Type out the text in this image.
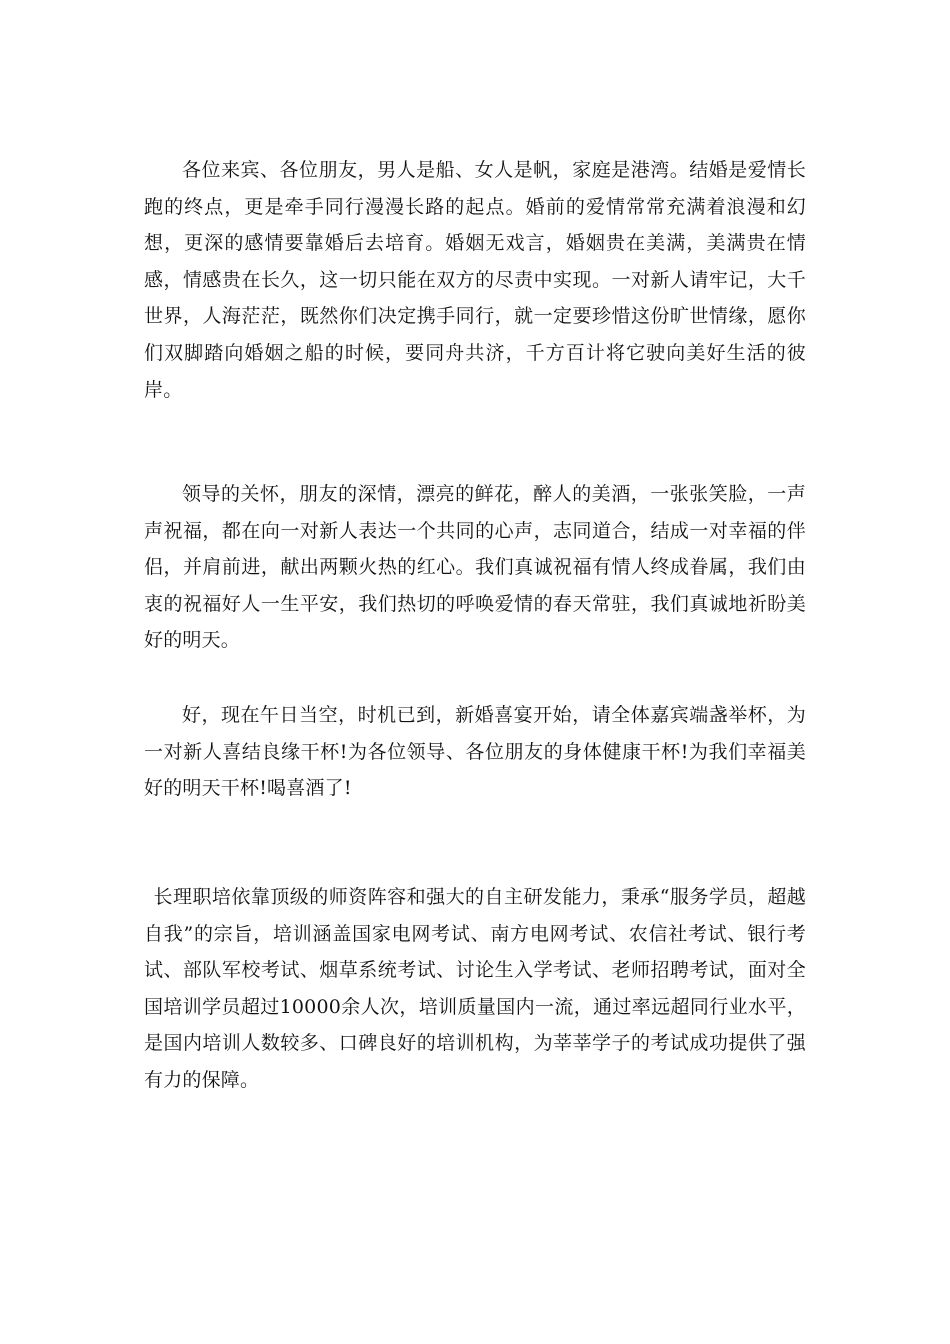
各位来宾、各位朋友，男人是船、女人是帆，家庭是港湾。结婚是爱情长跑的终点，更是牵手同行漫漫长路的起点。婚前的爱情常常充满着浪漫和幻想，更深的感情要靠婚后去培育。婚姻无戏言，婚姻贵在美满，美满贵在情感，情感贵在长久，这一切只能在双方的尽责中实现。一对新人请牢记，大千世界，人海茫茫，既然你们决定携手同行，就一定要珍惜这份旷世情缘，愿你们双脚踏向婚姻之船的时候，要同舟共济，千方百计将它驶向美好生活的彼岸。

领导的关怀，朋友的深情，漂亮的鲜花，醉人的美酒，一张张笑脸，一声声祝福，都在向一对新人表达一个共同的心声，志同道合，结成一对幸福的伴侣，并肩前进，献出两颗火热的红心。我们真诚祝福有情人终成眷属，我们由衷的祝福好人一生平安，我们热切的呼唤爱情的春天常驻，我们真诚地祈盼美好的明天。

好，现在午日当空，时机已到，新婚喜宴开始，请全体嘉宾端盏举杯，为一对新人喜结良缘干杯!为各位领导、各位朋友的身体健康干杯!为我们幸福美好的明天干杯!喝喜酒了!

长理职培依靠顶级的师资阵容和强大的自主研发能力，秉承“服务学员，超越自我”的宗旨，培训涵盖国家电网考试、南方电网考试、农信社考试、银行考试、部队军校考试、烟草系统考试、讨论生入学考试、老师招聘考试，面对全国培训学员超过10000余人次，培训质量国内一流，通过率远超同行业水平，是国内培训人数较多、口碑良好的培训机构，为莘莘学子的考试成功提供了强有力的保障。
